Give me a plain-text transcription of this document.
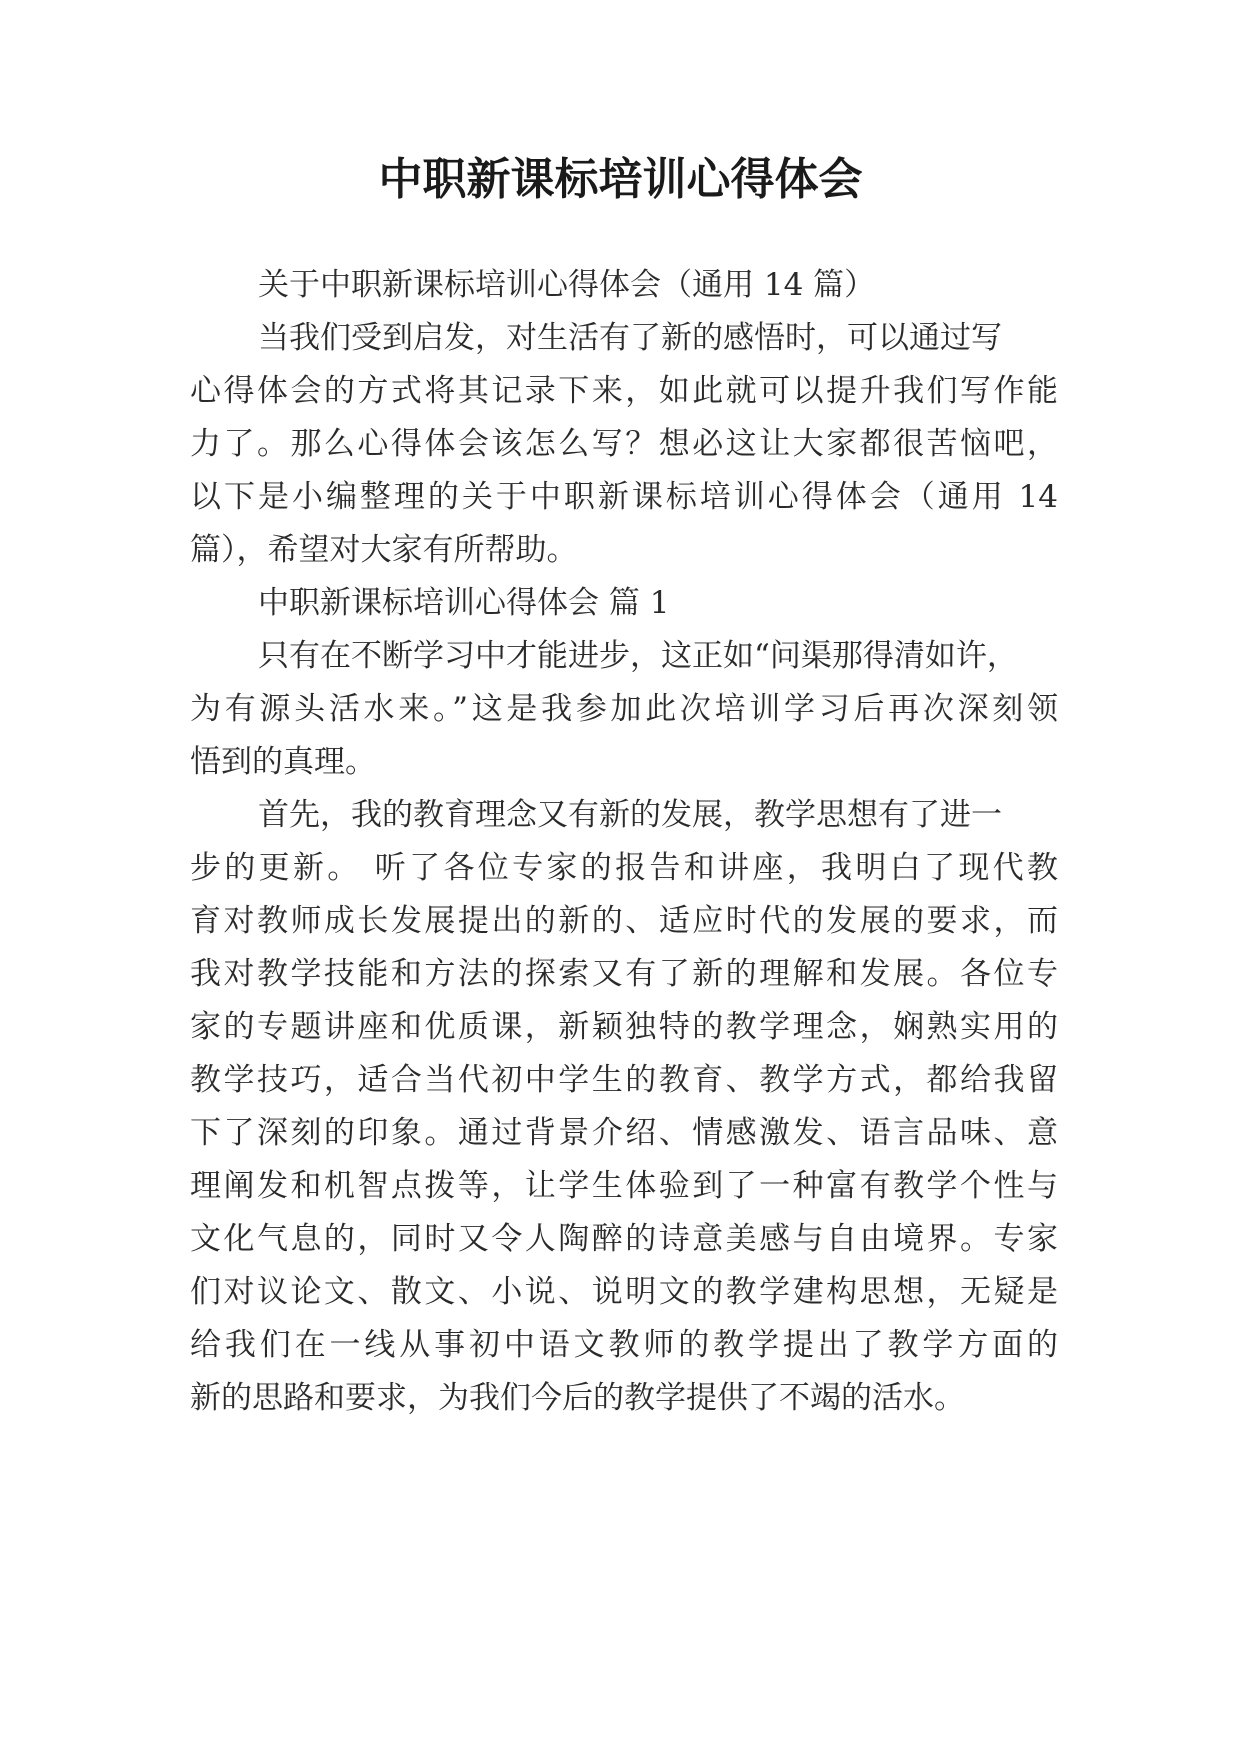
中职新课标培训心得体会
关于中职新课标培训心得体会（通用 14 篇）
当我们受到启发，对生活有了新的感悟时，可以通过写
心得体会的方式将其记录下来，如此就可以提升我们写作能
力了。那么心得体会该怎么写？想必这让大家都很苦恼吧，
以下是小编整理的关于中职新课标培训心得体会（通用 14
篇），希望对大家有所帮助。
中职新课标培训心得体会 篇 1
只有在不断学习中才能进步，这正如“问渠那得清如许，
为有源头活水来。”这是我参加此次培训学习后再次深刻领
悟到的真理。
首先，我的教育理念又有新的发展，教学思想有了进一
步的更新。 听了各位专家的报告和讲座，我明白了现代教
育对教师成长发展提出的新的、适应时代的发展的要求，而
我对教学技能和方法的探索又有了新的理解和发展。各位专
家的专题讲座和优质课，新颖独特的教学理念，娴熟实用的
教学技巧，适合当代初中学生的教育、教学方式，都给我留
下了深刻的印象。通过背景介绍、情感激发、语言品味、意
理阐发和机智点拨等，让学生体验到了一种富有教学个性与
文化气息的，同时又令人陶醉的诗意美感与自由境界。专家
们对议论文、散文、小说、说明文的教学建构思想，无疑是
给我们在一线从事初中语文教师的教学提出了教学方面的
新的思路和要求，为我们今后的教学提供了不竭的活水。
